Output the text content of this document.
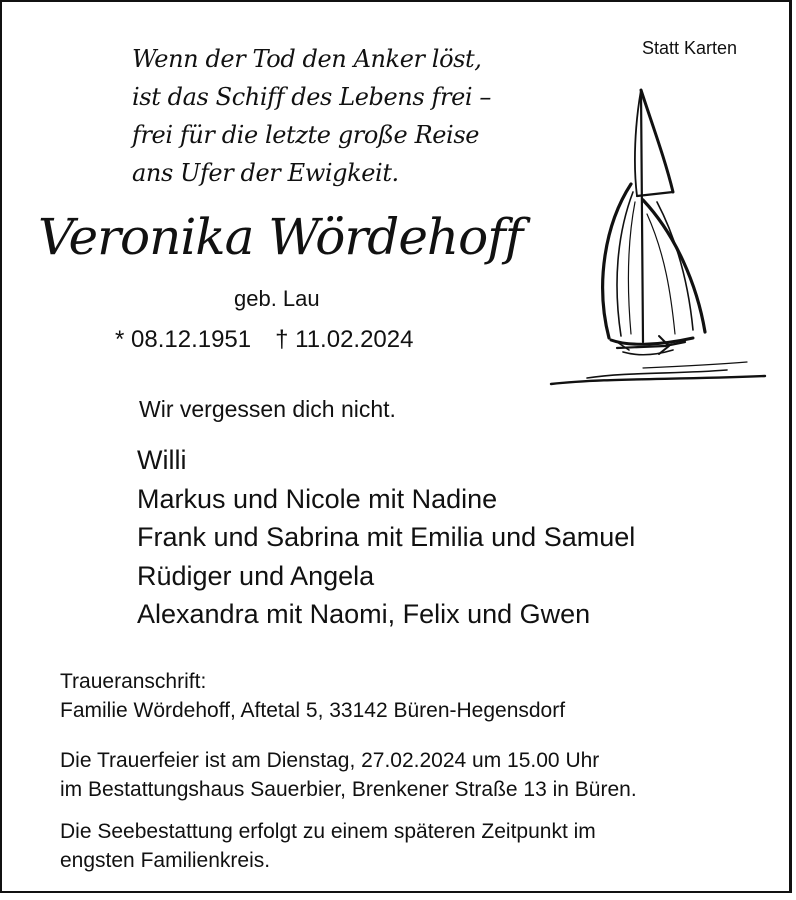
Statt Karten
Wenn der Tod den Anker löst,
ist das Schiff des Lebens frei –
frei für die letzte große Reise
ans Ufer der Ewigkeit.
Veronika Wördehoff
geb. Lau
* 08.12.1951 † 11.02.2024
Wir vergessen dich nicht.
Willi
Markus und Nicole mit Nadine
Frank und Sabrina mit Emilia und Samuel
Rüdiger und Angela
Alexandra mit Naomi, Felix und Gwen
Traueranschrift:
Familie Wördehoff, Aftetal 5, 33142 Büren-Hegensdorf
Die Trauerfeier ist am Dienstag, 27.02.2024 um 15.00 Uhr
im Bestattungshaus Sauerbier, Brenkener Straße 13 in Büren.
Die Seebestattung erfolgt zu einem späteren Zeitpunkt im
engsten Familienkreis.
